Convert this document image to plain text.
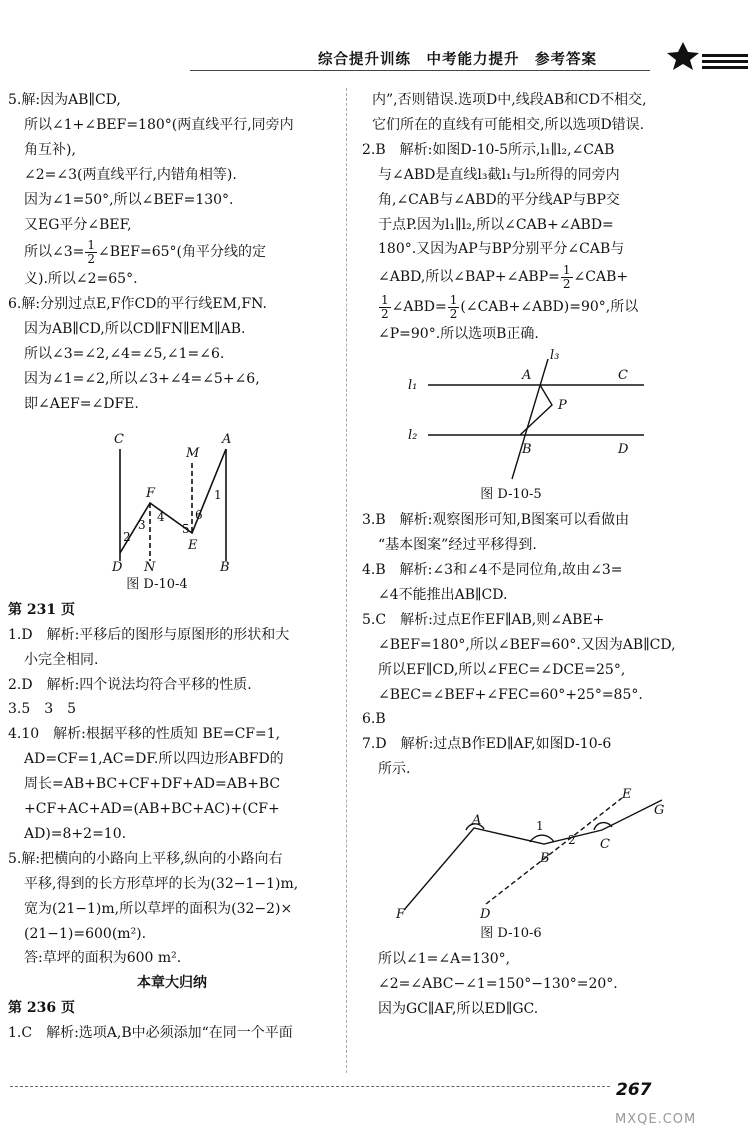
综合提升训练　中考能力提升　参考答案
5.解:因为AB∥CD,
所以∠1+∠BEF=180°(两直线平行,同旁内
角互补),
∠2=∠3(两直线平行,内错角相等).
因为∠1=50°,所以∠BEF=130°.
又EG平分∠BEF,
所以∠3= $\frac{1}{2}$ ∠BEF=65°(角平分线的定
义).所以∠2=65°.
6.解:分别过点E,F作CD的平行线EM,FN.
因为AB∥CD,所以CD∥FN∥EM∥AB.
所以∠3=∠2,∠4=∠5,∠1=∠6.
因为∠1=∠2,所以∠3+∠4=∠5+∠6,
即∠AEF=∠DFE.
C
F
M
A
E
D N	B
1
2
3
4
5
6
图 D-10-4
第 231 页
1.D　解析:平移后的图形与原图形的形状和大
小完全相同.
2.D　解析:四个说法均符合平移的性质.
3.5　3　5
4.10　解析:根据平移的性质知 BE=CF=1,
AD=CF=1,AC=DF.所以四边形ABFD的
周长=AB+BC+CF+DF+AD=AB+BC
+CF+AC+AD=(AB+BC+AC)+(CF+
AD)=8+2=10.
5.解:把横向的小路向上平移,纵向的小路向右
平移,得到的长方形草坪的长为(32−1−1)m,
宽为(21−1)m,所以草坪的面积为(32−2)×
(21−1)=600(m²).
答:草坪的面积为600 m².
本章大归纳
第 236 页
1.C　解析:选项A,B中必须添加“在同一个平面
内”,否则错误.选项D中,线段AB和CD不相交,
它们所在的直线有可能相交,所以选项D错误.
2.B　解析:如图D-10-5所示,l₁∥l₂,∠CAB
与∠ABD是直线l₃截l₁与l₂所得的同旁内
角,∠CAB与∠ABD的平分线AP与BP交
于点P.因为l₁∥l₂,所以∠CAB+∠ABD=
180°.又因为AP与BP分别平分∠CAB与
∠ABD,所以∠BAP+∠ABP= $\frac{1}{2}$ ∠CAB+
$\frac{1}{2}$ ∠ABD= $\frac{1}{2}$ (∠CAB+∠ABD)=90°,所以
∠P=90°.所以选项B正确.
l₃
l₁
A	C
P
l₂
B	D
图 D-10-5
3.B　解析:观察图形可知,B图案可以看做由
“基本图案”经过平移得到.
4.B　解析:∠3和∠4不是同位角,故由∠3=
∠4不能推出AB∥CD.
5.C　解析:过点E作EF∥AB,则∠ABE+
∠BEF=180°,所以∠BEF=60°.又因为AB∥CD,
所以EF∥CD,所以∠FEC=∠DCE=25°,
∠BEC=∠BEF+∠FEC=60°+25°=85°.
6.B
7.D　解析:过点B作ED∥AF,如图D-10-6
所示.
E
G
A
C
B
F	D
1
2
图 D-10-6
所以∠1=∠A=130°,
∠2=∠ABC−∠1=150°−130°=20°.
因为GC∥AF,所以ED∥GC.
267
MXQE.COM
